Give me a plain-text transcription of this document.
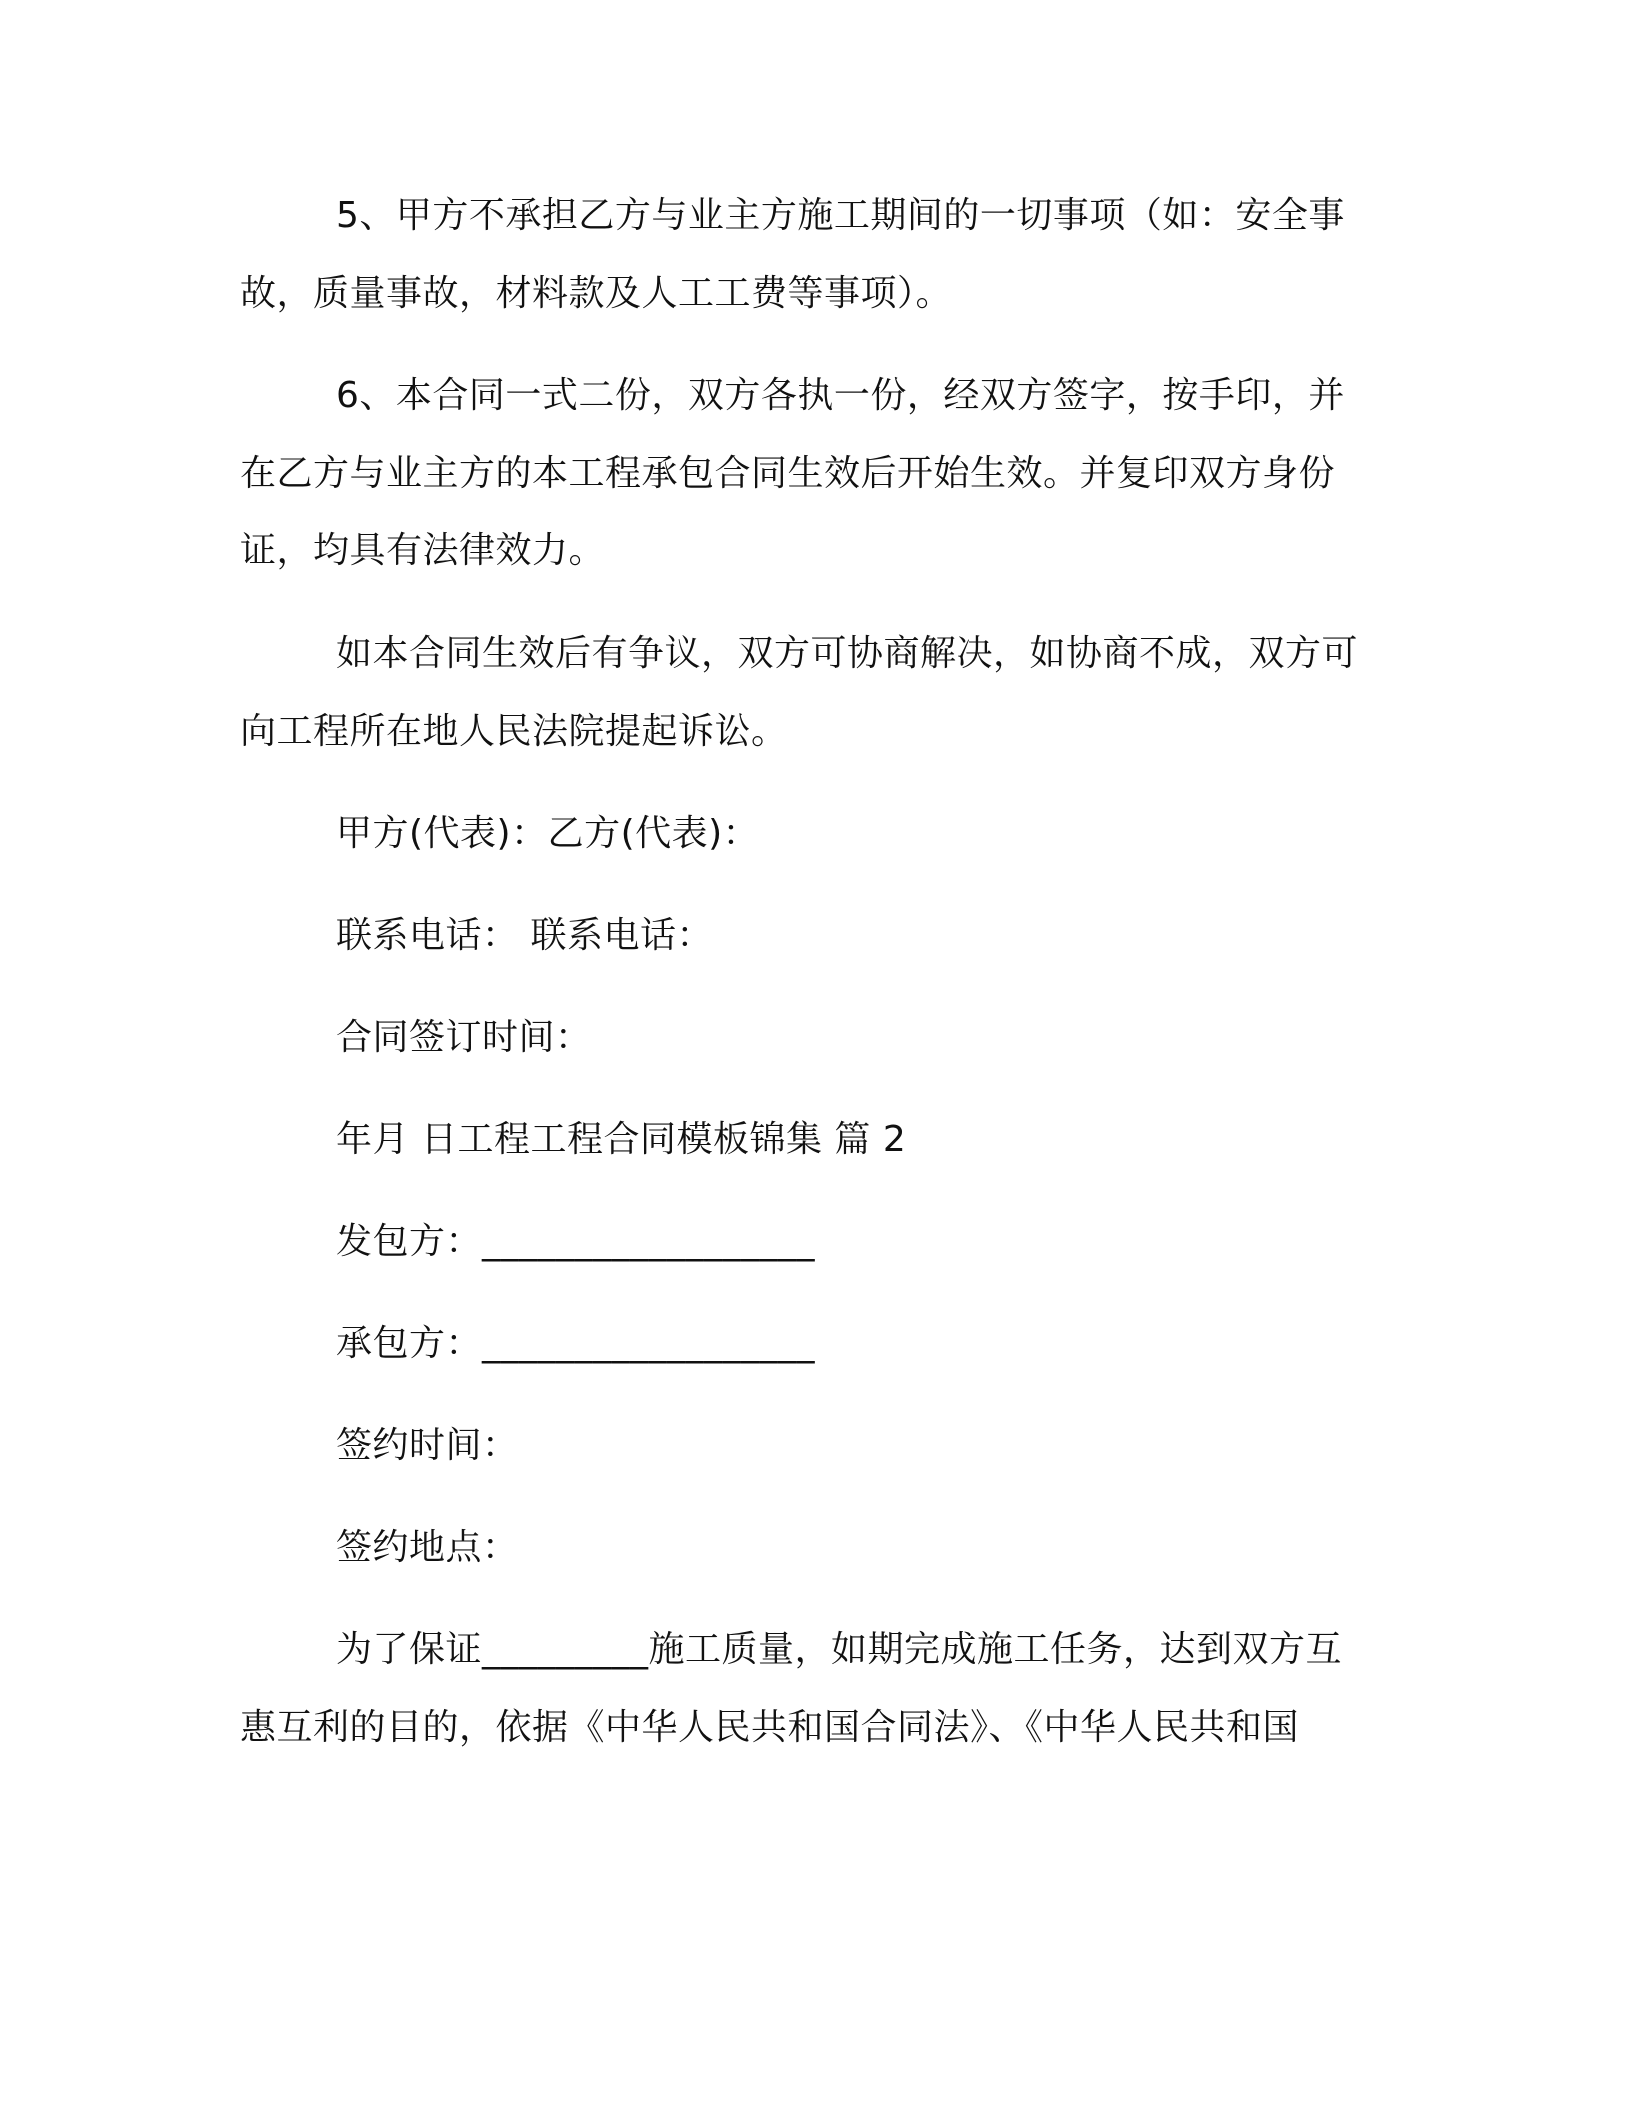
5、甲方不承担乙方与业主方施工期间的一切事项（如：安全事
故，质量事故，材料款及人工工费等事项）。
6、本合同一式二份，双方各执一份，经双方签字，按手印，并
在乙方与业主方的本工程承包合同生效后开始生效。并复印双方身份
证，均具有法律效力。
如本合同生效后有争议，双方可协商解决，如协商不成，双方可
向工程所在地人民法院提起诉讼。
甲方(代表)：乙方(代表)：
联系电话： 联系电话：
合同签订时间：
年月 日工程工程合同模板锦集 篇 2
发包方：__________________
承包方：__________________
签约时间：
签约地点：
为了保证_________施工质量，如期完成施工任务，达到双方互
惠互利的目的，依据《中华人民共和国合同法》、《中华人民共和国
